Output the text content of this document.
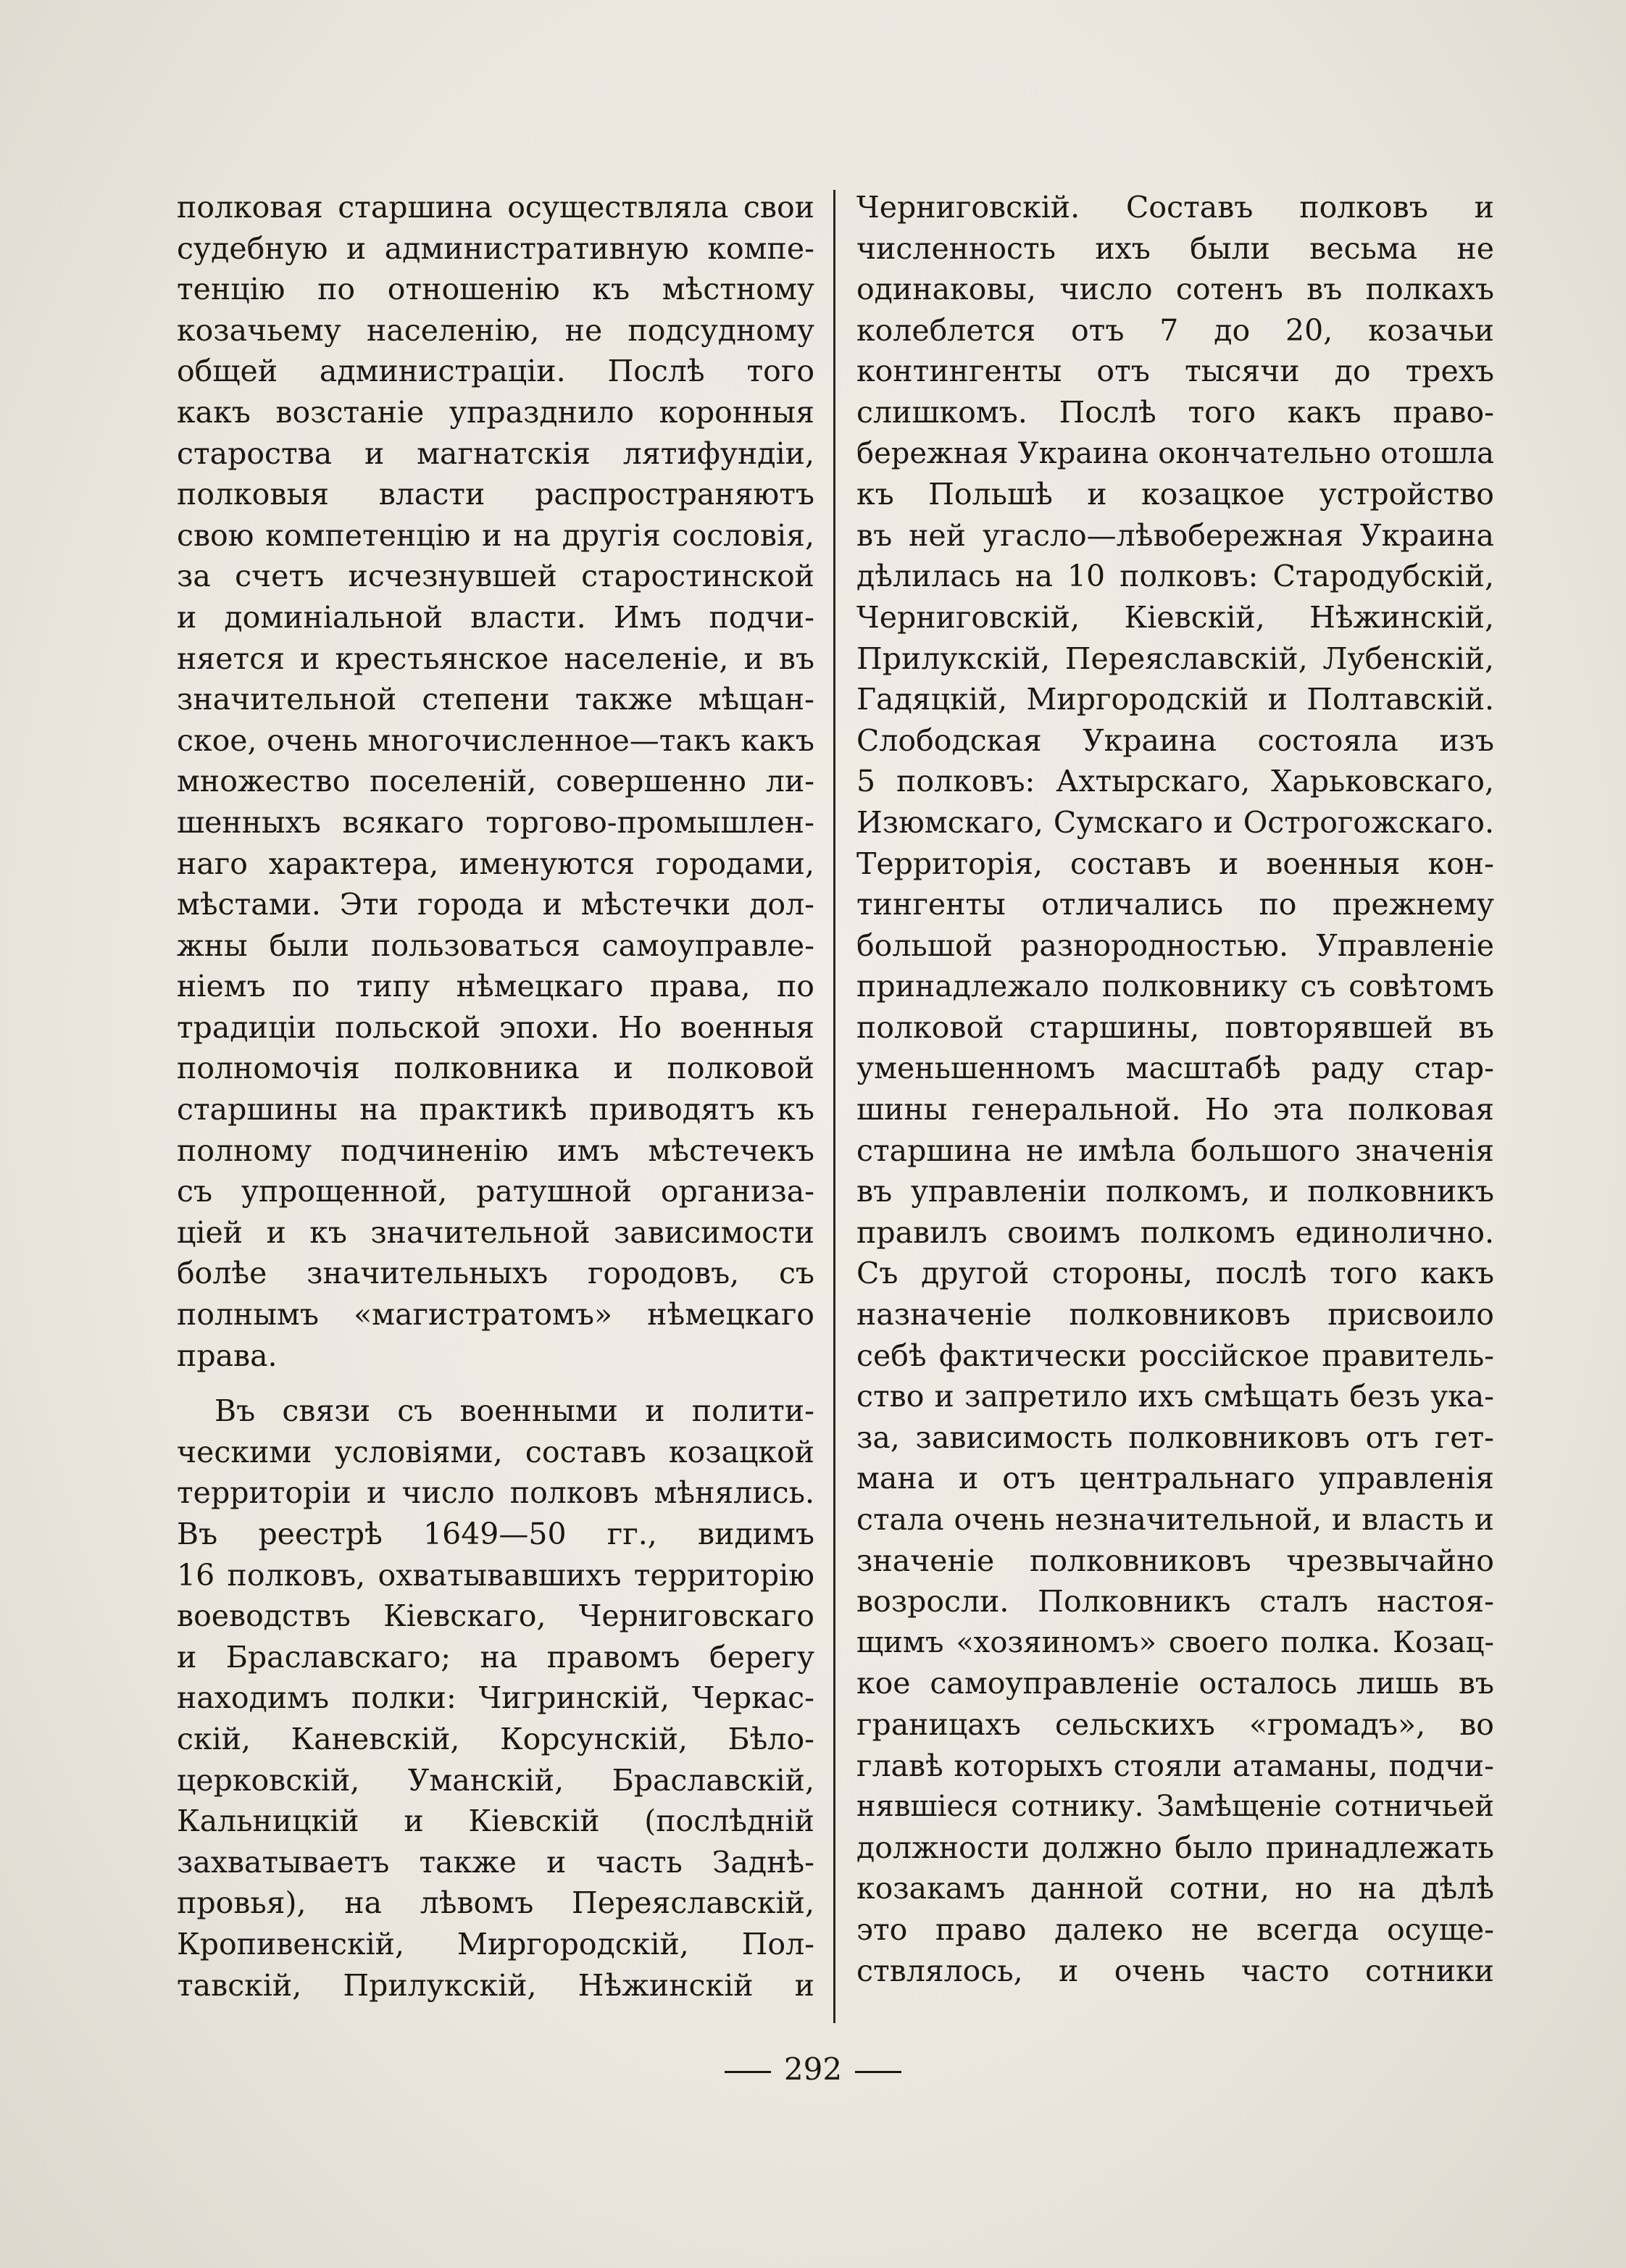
полковая старшина осуществляла свои
судебную и административную компе-
тенцію по отношенію къ мѣстному
козачьему населенію, не подсудному
общей администраціи. Послѣ того
какъ возстаніе упразднило коронныя
староства и магнатскія лятифундіи,
полковыя власти распространяютъ
свою компетенцію и на другія сословія,
за счетъ исчезнувшей старостинской
и доминіальной власти. Имъ подчи-
няется и крестьянское населеніе, и въ
значительной степени также мѣщан-
ское, очень многочисленное—такъ какъ
множество поселеній, совершенно ли-
шенныхъ всякаго торгово-промышлен-
наго характера, именуются городами,
мѣстами. Эти города и мѣстечки дол-
жны были пользоваться самоуправле-
ніемъ по типу нѣмецкаго права, по
традиціи польской эпохи. Но военныя
полномочія полковника и полковой
старшины на практикѣ приводятъ къ
полному подчиненію имъ мѣстечекъ
съ упрощенной, ратушной организа-
ціей и къ значительной зависимости
болѣе значительныхъ городовъ, съ
полнымъ «магистратомъ» нѣмецкаго
права.
Въ связи съ военными и полити-
ческими условіями, составъ козацкой
территоріи и число полковъ мѣнялись.
Въ реестрѣ 1649—50 гг., видимъ
16 полковъ, охватывавшихъ территорію
воеводствъ Кіевскаго, Черниговскаго
и Браславскаго; на правомъ берегу
находимъ полки: Чигринскій, Черкас-
скій, Каневскій, Корсунскій, Бѣло-
церковскій, Уманскій, Браславскій,
Кальницкій и Кіевскій (послѣдній
захватываетъ также и часть Заднѣ-
провья), на лѣвомъ Переяславскій,
Кропивенскій, Миргородскій, Пол-
тавскій, Прилукскій, Нѣжинскій и
Черниговскій. Составъ полковъ и
численность ихъ были весьма не
одинаковы, число сотенъ въ полкахъ
колеблется отъ 7 до 20, козачьи
контингенты отъ тысячи до трехъ
слишкомъ. Послѣ того какъ право-
бережная Украина окончательно отошла
къ Польшѣ и козацкое устройство
въ ней угасло—лѣвобережная Украина
дѣлилась на 10 полковъ: Стародубскій,
Черниговскій, Кіевскій, Нѣжинскій,
Прилукскій, Переяславскій, Лубенскій,
Гадяцкій, Миргородскій и Полтавскій.
Слободская Украина состояла изъ
5 полковъ: Ахтырскаго, Харьковскаго,
Изюмскаго, Сумскаго и Острогожскаго.
Территорія, составъ и военныя кон-
тингенты отличались по прежнему
большой разнородностью. Управленіе
принадлежало полковнику съ совѣтомъ
полковой старшины, повторявшей въ
уменьшенномъ масштабѣ раду стар-
шины генеральной. Но эта полковая
старшина не имѣла большого значенія
въ управленіи полкомъ, и полковникъ
правилъ своимъ полкомъ единолично.
Съ другой стороны, послѣ того какъ
назначеніе полковниковъ присвоило
себѣ фактически россійское правитель-
ство и запретило ихъ смѣщать безъ ука-
за, зависимость полковниковъ отъ гет-
мана и отъ центральнаго управленія
стала очень незначительной, и власть и
значеніе полковниковъ чрезвычайно
возросли. Полковникъ сталъ настоя-
щимъ «хозяиномъ» своего полка. Козац-
кое самоуправленіе осталось лишь въ
границахъ сельскихъ «громадъ», во
главѣ которыхъ стояли атаманы, подчи-
нявшіеся сотнику. Замѣщеніе сотничьей
должности должно было принадлежать
козакамъ данной сотни, но на дѣлѣ
это право далеко не всегда осуще-
ствлялось, и очень часто сотники
292
